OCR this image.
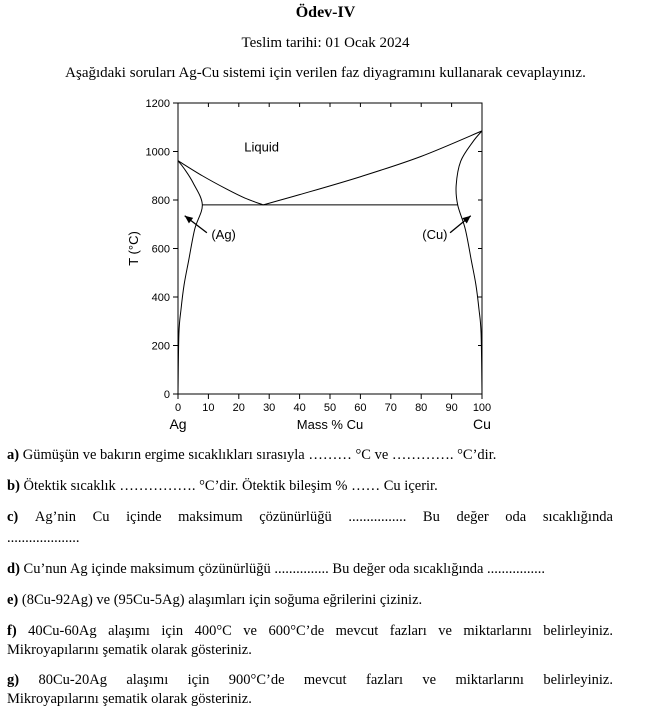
Ödev-IV
Teslim tarihi: 01 Ocak 2024
Aşağıdaki soruları Ag-Cu sistemi için verilen faz diyagramını kullanarak cevaplayınız.
0 10 20 30 40 50 60 70 80 90 100
0
200
400
600
800
1000
1200
Mass % Cu
Ag	Cu
T (°C)
Liquid
(Ag)	(Cu)
a) Gümüşün ve bakırın ergime sıcaklıkları sırasıyla ……… °C ve …………. °C’dir.
b) Ötektik sıcaklık ……………. °C’dir. Ötektik bileşim % …… Cu içerir.
c) Ag’nin Cu içinde maksimum çözünürlüğü ................ Bu değer oda sıcaklığında
....................
d) Cu’nun Ag içinde maksimum çözünürlüğü ............... Bu değer oda sıcaklığında ................
e) (8Cu-92Ag) ve (95Cu-5Ag) alaşımları için soğuma eğrilerini çiziniz.
f) 40Cu-60Ag alaşımı için 400°C ve 600°C’de mevcut fazları ve miktarlarını belirleyiniz.
Mikroyapılarını şematik olarak gösteriniz.
g) 80Cu-20Ag alaşımı için 900°C’de mevcut fazları ve miktarlarını belirleyiniz.
Mikroyapılarını şematik olarak gösteriniz.
